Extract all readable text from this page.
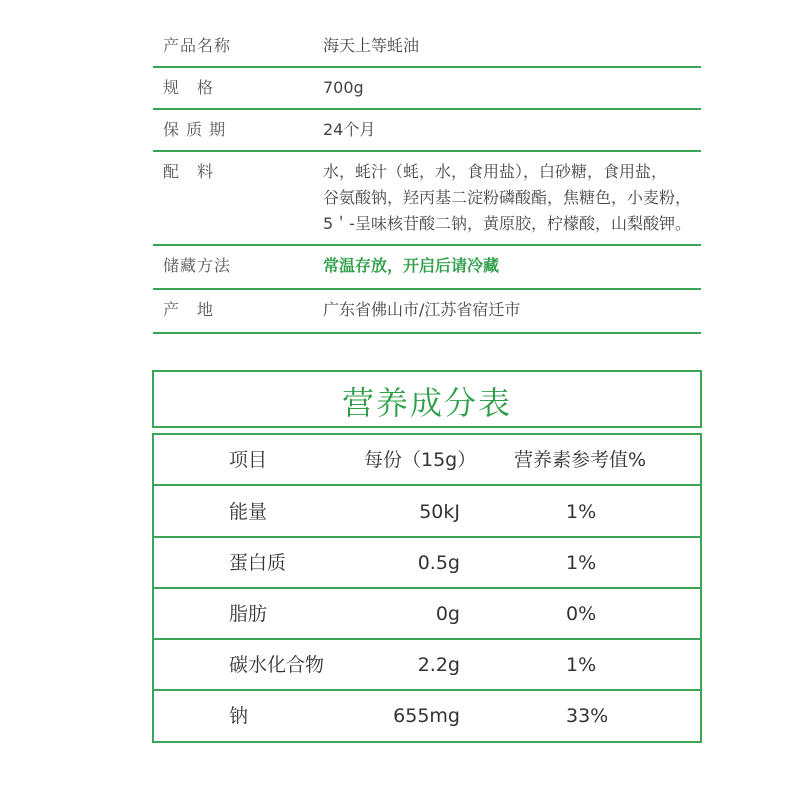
产品名称	海天上等蚝油
规　格	700g
保 质 期	24个月
配　料	水，蚝汁（蚝，水，食用盐），白砂糖，食用盐，
谷氨酸钠，羟丙基二淀粉磷酸酯，焦糖色，小麦粉，
5＇-呈味核苷酸二钠，黄原胶，柠檬酸，山梨酸钾。
储藏方法	常温存放，开启后请冷藏
产　地	广东省佛山市/江苏省宿迁市
营养成分表
项目	每份（15g） 营养素参考值%
能量	50kJ	1%
蛋白质	0.5g	1%
脂肪	0g	0%
碳水化合物	2.2g	1%
钠	655mg	33%
